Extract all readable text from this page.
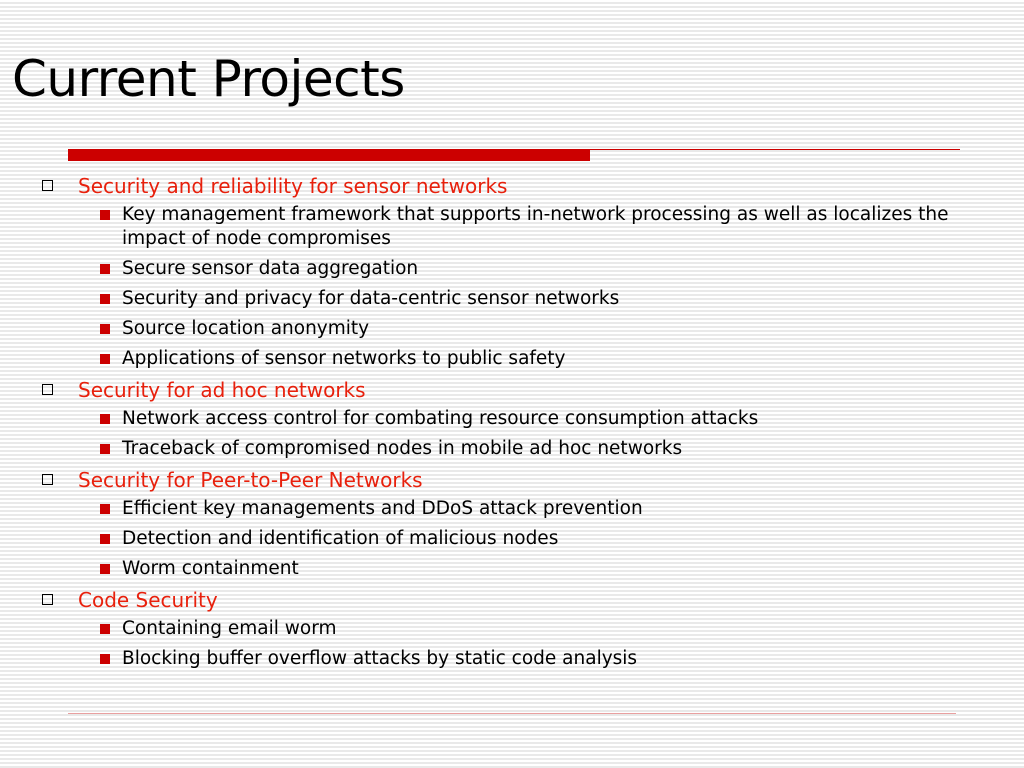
Current Projects
Security and reliability for sensor networks
Key management framework that supports in-network processing as well as localizes the impact of node compromises
Secure sensor data aggregation
Security and privacy for data-centric sensor networks
Source location anonymity
Applications of sensor networks to public safety
Security for ad hoc networks
Network access control for combating resource consumption attacks
Traceback of compromised nodes in mobile ad hoc networks
Security for Peer-to-Peer Networks
Efficient key managements and DDoS attack prevention
Detection and identification of malicious nodes
Worm containment
Code Security
Containing email worm
Blocking buffer overflow attacks by static code analysis
